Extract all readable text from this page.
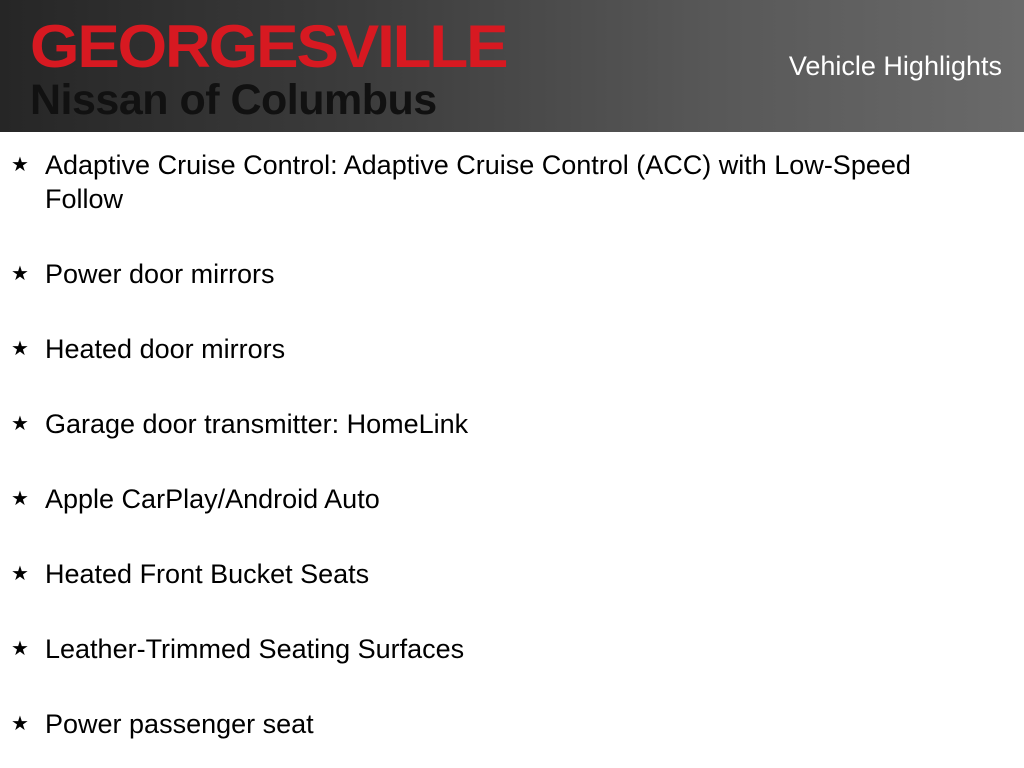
GEORGESVILLE
Nissan of Columbus
Vehicle Highlights
★ Adaptive Cruise Control: Adaptive Cruise Control (ACC) with Low-Speed Follow
★ Power door mirrors
★ Heated door mirrors
★ Garage door transmitter: HomeLink
★ Apple CarPlay/Android Auto
★ Heated Front Bucket Seats
★ Leather-Trimmed Seating Surfaces
★ Power passenger seat
